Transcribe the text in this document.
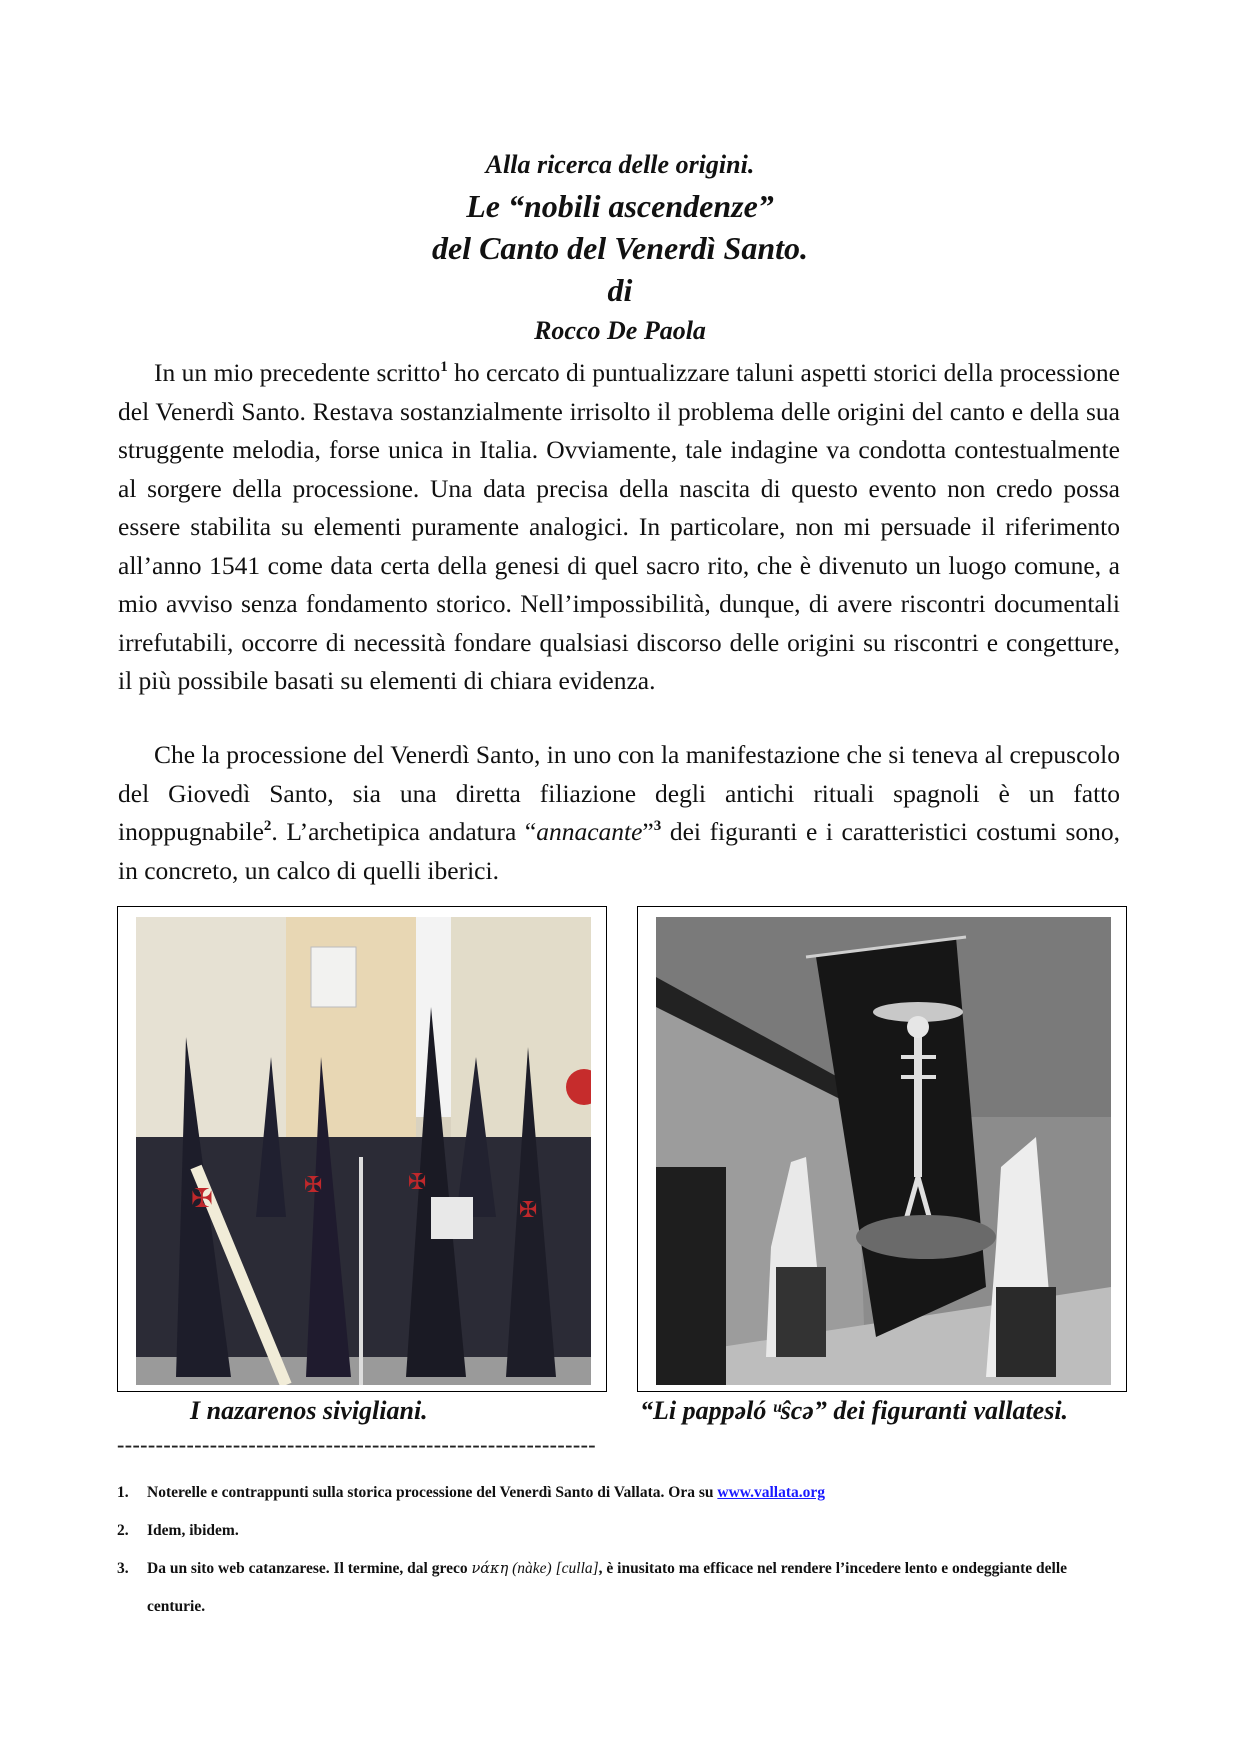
Alla ricerca delle origini.
Le “nobili ascendenze”
del Canto del Venerdì Santo.
di
Rocco De Paola

In un mio precedente scritto$^1$ ho cercato di puntualizzare taluni aspetti storici della processione del Venerdì Santo. Restava sostanzialmente irrisolto il problema delle origini del canto e della sua struggente melodia, forse unica in Italia. Ovviamente, tale indagine va condotta contestualmente al sorgere della processione. Una data precisa della nascita di questo evento non credo possa essere stabilita su elementi puramente analogici. In particolare, non mi persuade il riferimento all’anno 1541 come data certa della genesi di quel sacro rito, che è divenuto un luogo comune, a mio avviso senza fondamento storico. Nell’impossibilità, dunque, di avere riscontri documentali irrefutabili, occorre di necessità fondare qualsiasi discorso delle origini su riscontri e congetture, il più possibile basati su elementi di chiara evidenza.

Che la processione del Venerdì Santo, in uno con la manifestazione che si teneva al crepuscolo del Giovedì Santo, sia una diretta filiazione degli antichi rituali spagnoli è un fatto inoppugnabile$^2$. L’archetipica andatura “annacante”$^3$ dei figuranti e i caratteristici costumi sono, in concreto, un calco di quelli iberici.

✠	✠	✠
✠
I nazarenos sivigliani.	“Li pappəló ᵘŝcə” dei figuranti vallatesi.
--------------------------------------------------------------
1.	Noterelle e contrappunti sulla storica processione del Venerdì Santo di Vallata. Ora su www.vallata.org
2.	Idem, ibidem.
3.	Da un sito web catanzarese. Il termine, dal greco νάκη (nàke) [culla], è inusitato ma efficace nel rendere l’incedere lento e ondeggiante delle centurie.
